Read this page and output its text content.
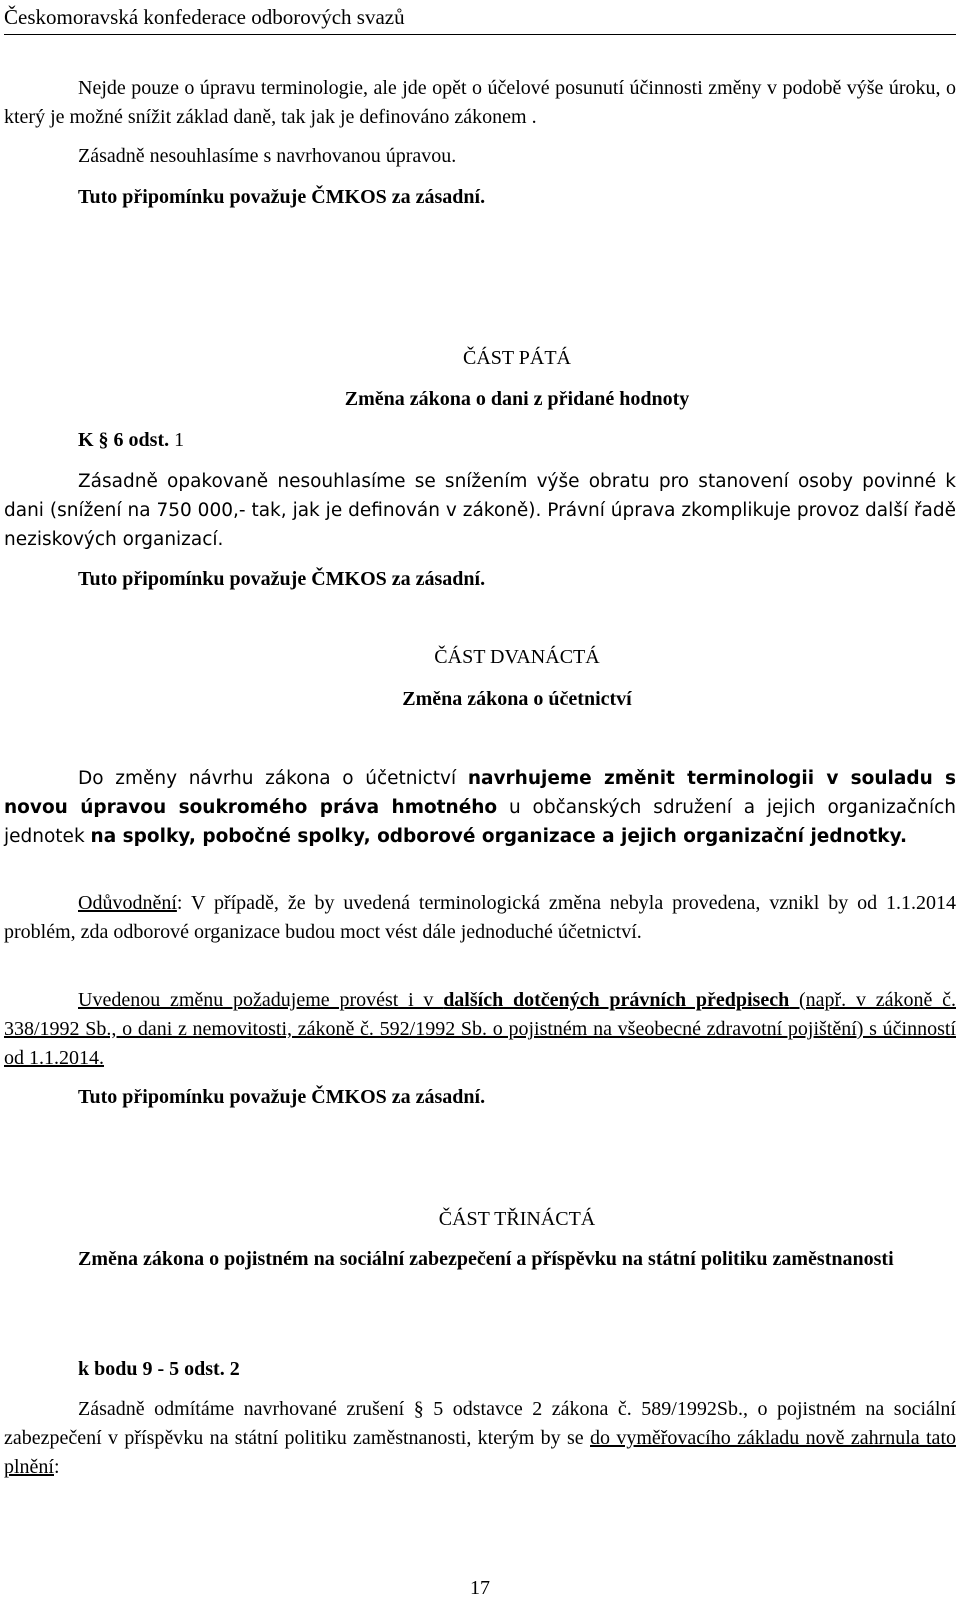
Českomoravská konfederace odborových svazů

Nejde pouze o úpravu terminologie, ale jde opět o účelové posunutí účinnosti změny v podobě výše úroku, o který je možné snížit základ daně, tak jak je definováno zákonem .

Zásadně nesouhlasíme s navrhovanou úpravou.

Tuto připomínku považuje ČMKOS za zásadní.

ČÁST PÁTÁ

Změna zákona o dani z přidané hodnoty

K § 6 odst. 1

Zásadně opakovaně nesouhlasíme se snížením výše obratu pro stanovení osoby povinné k dani (snížení na 750 000,- tak, jak je definován v zákoně). Právní úprava zkomplikuje provoz další řadě neziskových organizací.

Tuto připomínku považuje ČMKOS za zásadní.

ČÁST DVANÁCTÁ

Změna zákona o účetnictví

Do změny návrhu zákona o účetnictví navrhujeme změnit terminologii v souladu s novou úpravou soukromého práva hmotného u občanských sdružení a jejich organizačních jednotek na spolky, pobočné spolky, odborové organizace a jejich organizační jednotky.

Odůvodnění: V případě, že by uvedená terminologická změna nebyla provedena, vznikl by od 1.1.2014 problém, zda odborové organizace budou moct vést dále jednoduché účetnictví.

Uvedenou změnu požadujeme provést i v dalších dotčených právních předpisech (např. v zákoně č. 338/1992 Sb., o dani z nemovitosti, zákoně č. 592/1992 Sb. o pojistném na všeobecné zdravotní pojištění) s účinností od 1.1.2014.

Tuto připomínku považuje ČMKOS za zásadní.

ČÁST TŘINÁCTÁ

Změna zákona o pojistném na sociální zabezpečení a příspěvku na státní politiku zaměstnanosti

k bodu 9 - 5 odst. 2

Zásadně odmítáme navrhované zrušení § 5 odstavce 2 zákona č. 589/1992Sb., o pojistném na sociální zabezpečení v příspěvku na státní politiku zaměstnanosti, kterým by se do vyměřovacího základu nově zahrnula tato plnění:

17
